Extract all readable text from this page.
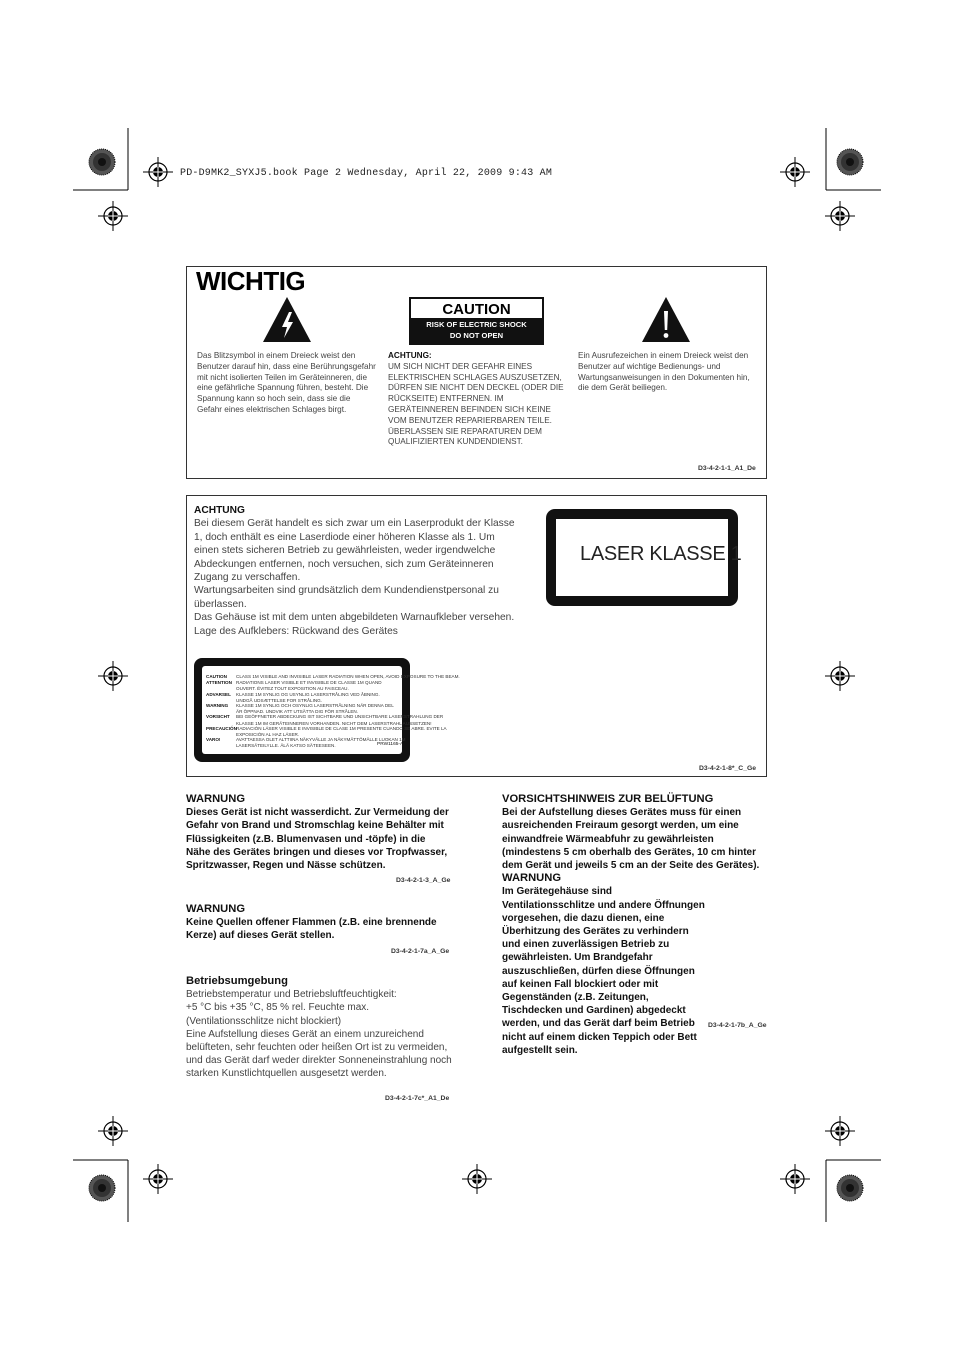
PD-D9MK2_SYXJ5.book Page 2 Wednesday, April 22, 2009 9:43 AM
WICHTIG
CAUTION
RISK OF ELECTRIC SHOCK
DO NOT OPEN
Das Blitzsymbol in einem Dreieck weist den Benutzer darauf hin, dass eine Berührungsgefahr mit nicht isolierten Teilen im Geräteinneren, die eine gefährliche Spannung führen, besteht. Die Spannung kann so hoch sein, dass sie die Gefahr eines elektrischen Schlages birgt.
ACHTUNG:
UM SICH NICHT DER GEFAHR EINES ELEKTRISCHEN SCHLAGES AUSZUSETZEN, DÜRFEN SIE NICHT DEN DECKEL (ODER DIE RÜCKSEITE) ENTFERNEN. IM GERÄTEINNEREN BEFINDEN SICH KEINE VOM BENUTZER REPARIERBAREN TEILE. ÜBERLASSEN SIE REPARATUREN DEM QUALIFIZIERTEN KUNDENDIENST.
Ein Ausrufezeichen in einem Dreieck weist den Benutzer auf wichtige Bedienungs- und Wartungsanweisungen in den Dokumenten hin, die dem Gerät beiliegen.
D3-4-2-1-1_A1_De
ACHTUNG
Bei diesem Gerät handelt es sich zwar um ein Laserprodukt der Klasse 1, doch enthält es eine Laserdiode einer höheren Klasse als 1. Um einen stets sicheren Betrieb zu gewährleisten, weder irgendwelche Abdeckungen entfernen, noch versuchen, sich zum Geräteinneren Zugang zu verschaffen.
Wartungsarbeiten sind grundsätzlich dem Kundendienstpersonal zu überlassen.
Das Gehäuse ist mit dem unten abgebildeten Warnaufkleber versehen.
Lage des Aufklebers: Rückwand des Gerätes
LASER KLASSE 1
CAUTION CLASS 1M VISIBLE AND INVISIBLE LASER RADIATION WHEN OPEN, AVOID EXPOSURE TO THE BEAM.
ATTENTION RADIATIONS LASER VISIBLE ET INVISIBLE DE CLASSE 1M QUAND
OUVERT. ÉVITEZ TOUT EXPOSITION AU FAISCEAU.
ADVARSEL KLASSE 1M SYNLIG OG USYNLIG LASERSTRÅLING VED ÅBNING.
UNDGÅ UDSÆTTELSE FOR STRÅLING.
WARNING KLASSE 1M SYNLIG OCH OSYNLIG LASERSTRÅLNING NÄR DENNA DEL
ÄR ÖPPNAD. UNDVIK ATT UTSÄTTA DIG FÖR STRÅLEN.
VORSICHT BEI GEÖFFNETER ABDECKUNG IST SICHTBARE UND UNSICHTBARE LASERSTRAHLUNG DER
KLASSE 1M IM GERÄTEINNEREN VORHANDEN. NICHT DEM LASERSTRAHL AUSSETZEN!
PRECAUCIÓNRADIACIÓN LÁSER VISIBLE E INVISIBLE DE CLASE 1M PRESENTE CUANDO SE ABRE. EVITE LA
EXPOSICIÓN AL HAZ LÁSER.
VARO!	AVATTAESSA OLET ALTTIINA NÄKYVÄLLE JA NÄKYMÄTTÖMÄLLE LUOKAN 1M
LASERSÄTEILYLLE. ÄLÄ KATSO SÄTEESEEN.	PRW1165-A
D3-4-2-1-8*_C_Ge
WARNUNG
Dieses Gerät ist nicht wasserdicht. Zur Vermeidung der Gefahr von Brand und Stromschlag keine Behälter mit Flüssigkeiten (z.B. Blumenvasen und -töpfe) in die Nähe des Gerätes bringen und dieses vor Tropfwasser, Spritzwasser, Regen und Nässe schützen.
D3-4-2-1-3_A_Ge
WARNUNG
Keine Quellen offener Flammen (z.B. eine brennende Kerze) auf dieses Gerät stellen.
D3-4-2-1-7a_A_Ge
Betriebsumgebung
Betriebstemperatur und Betriebsluftfeuchtigkeit:
+5 °C bis +35 °C, 85 % rel. Feuchte max. (Ventilationsschlitze nicht blockiert)
Eine Aufstellung dieses Gerät an einem unzureichend belüfteten, sehr feuchten oder heißen Ort ist zu vermeiden, und das Gerät darf weder direkter Sonneneinstrahlung noch starken Kunstlichtquellen ausgesetzt werden.
D3-4-2-1-7c*_A1_De
VORSICHTSHINWEIS ZUR BELÜFTUNG
Bei der Aufstellung dieses Gerätes muss für einen ausreichenden Freiraum gesorgt werden, um eine einwandfreie Wärmeabfuhr zu gewährleisten (mindestens 5 cm oberhalb des Gerätes, 10 cm hinter dem Gerät und jeweils 5 cm an der Seite des Gerätes).
WARNUNG
Im Gerätegehäuse sind Ventilationsschlitze und andere Öffnungen vorgesehen, die dazu dienen, eine Überhitzung des Gerätes zu verhindern und einen zuverlässigen Betrieb zu gewährleisten. Um Brandgefahr auszuschließen, dürfen diese Öffnungen auf keinen Fall blockiert oder mit Gegenständen (z.B. Zeitungen, Tischdecken und Gardinen) abgedeckt werden, und das Gerät darf beim Betrieb nicht auf einem dicken Teppich oder Bett aufgestellt sein.
D3-4-2-1-7b_A_Ge
